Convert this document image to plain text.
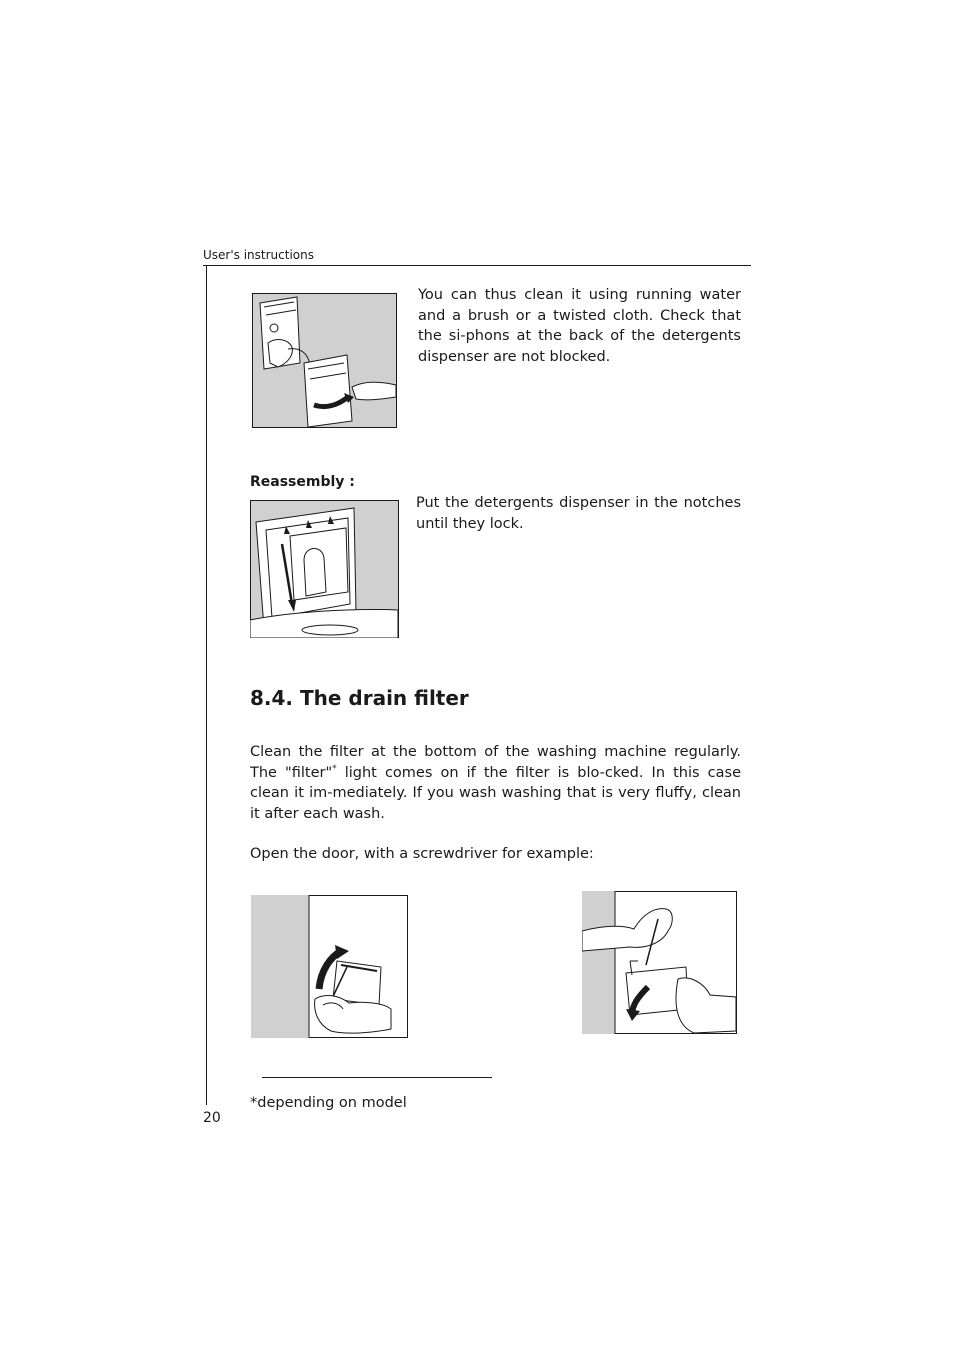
User's instructions
You can thus clean it using running water and a brush or a twisted cloth. Check that the si-phons at the back of the detergents dispenser are not blocked.
Reassembly :
Put the detergents dispenser in the notches until they lock.
8.4. The drain filter
Clean the filter at the bottom of the washing machine regularly. The "filter"* light comes on if the filter is blo-cked. In this case clean it im-mediately. If you wash washing that is very fluffy, clean it after each wash.
Open the door, with a screwdriver for example:
*depending on model
20
